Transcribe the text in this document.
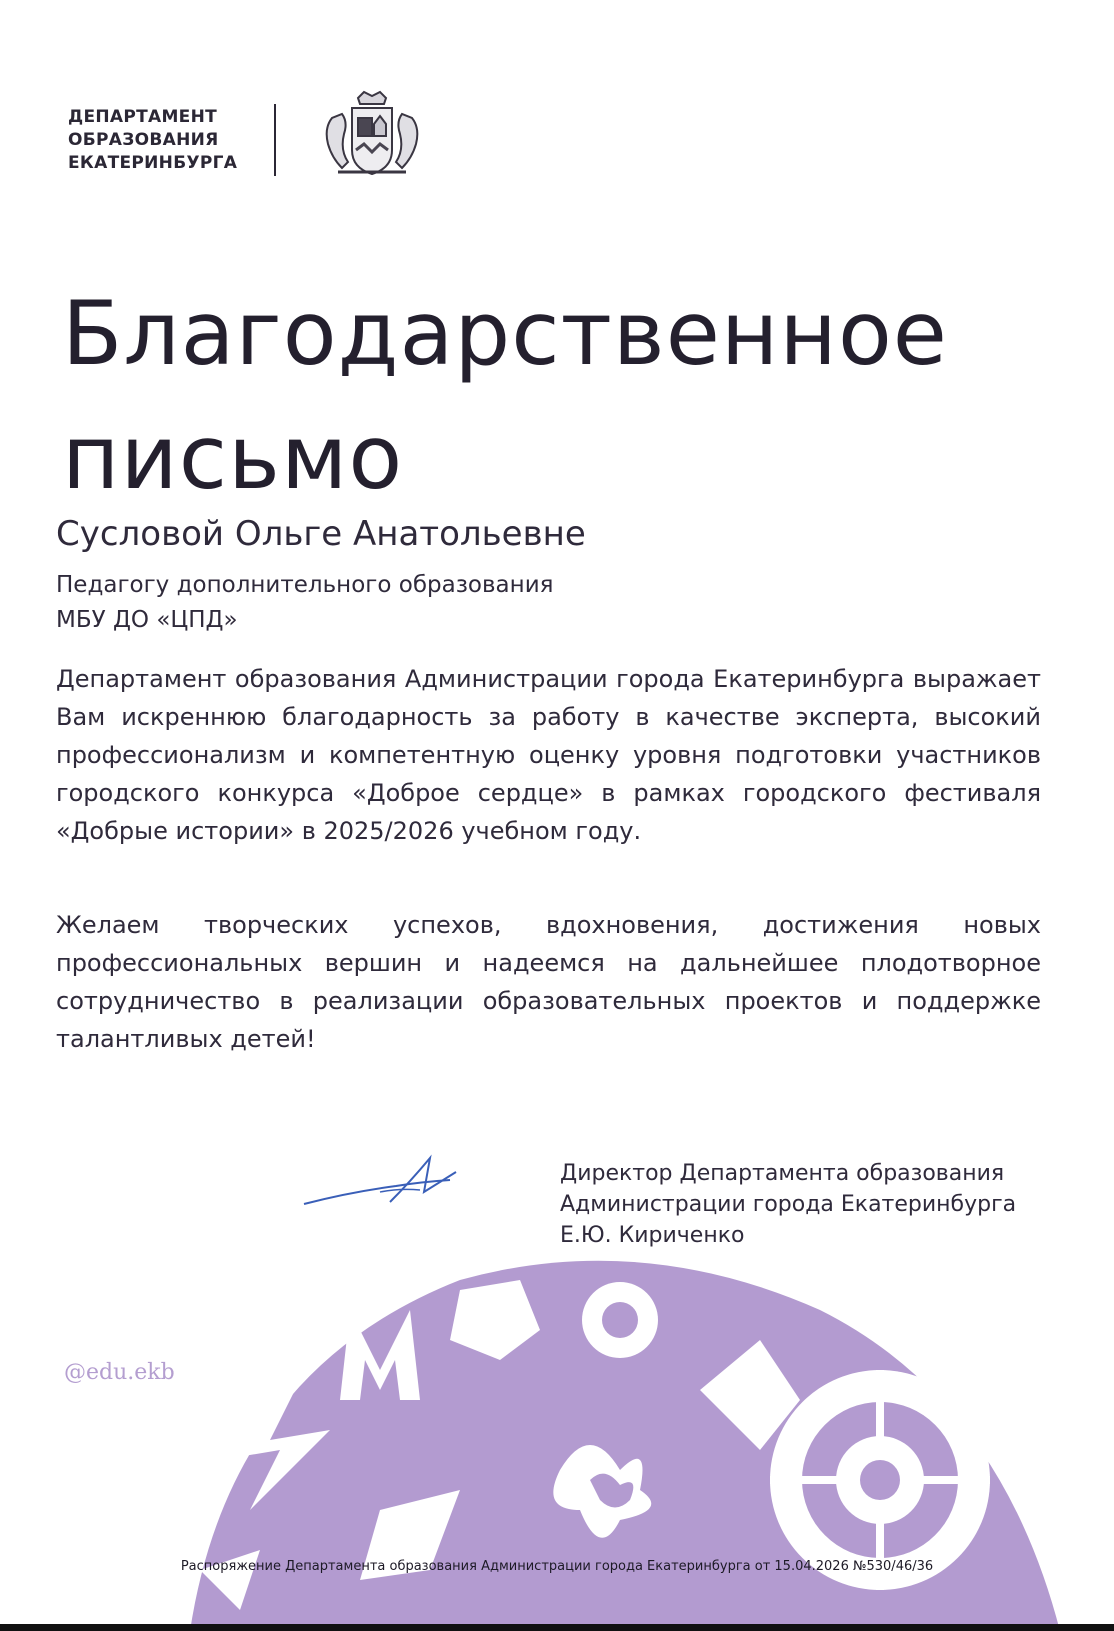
ДЕПАРТАМЕНТ
ОБРАЗОВАНИЯ
ЕКАТЕРИНБУРГА
Благодарственное
письмо
Сусловой Ольге Анатольевне
Педагогу дополнительного образования
МБУ ДО «ЦПД»
Департамент образования Администрации города Екатеринбурга выражает Вам искреннюю благодарность за работу в качестве эксперта, высокий профессионализм и компетентную оценку уровня подготовки участников городского конкурса «Доброе сердце» в рамках городского фестиваля «Добрые истории» в 2025/2026 учебном году.
Желаем творческих успехов, вдохновения, достижения новых профессиональных вершин и надеемся на дальнейшее плодотворное сотрудничество в реализации образовательных проектов и поддержке талантливых детей!
Директор Департамента образования
Администрации города Екатеринбурга
Е.Ю. Кириченко
@edu.ekb
Распоряжение Департамента образования Администрации города Екатеринбурга от 15.04.2026 №530/46/36
